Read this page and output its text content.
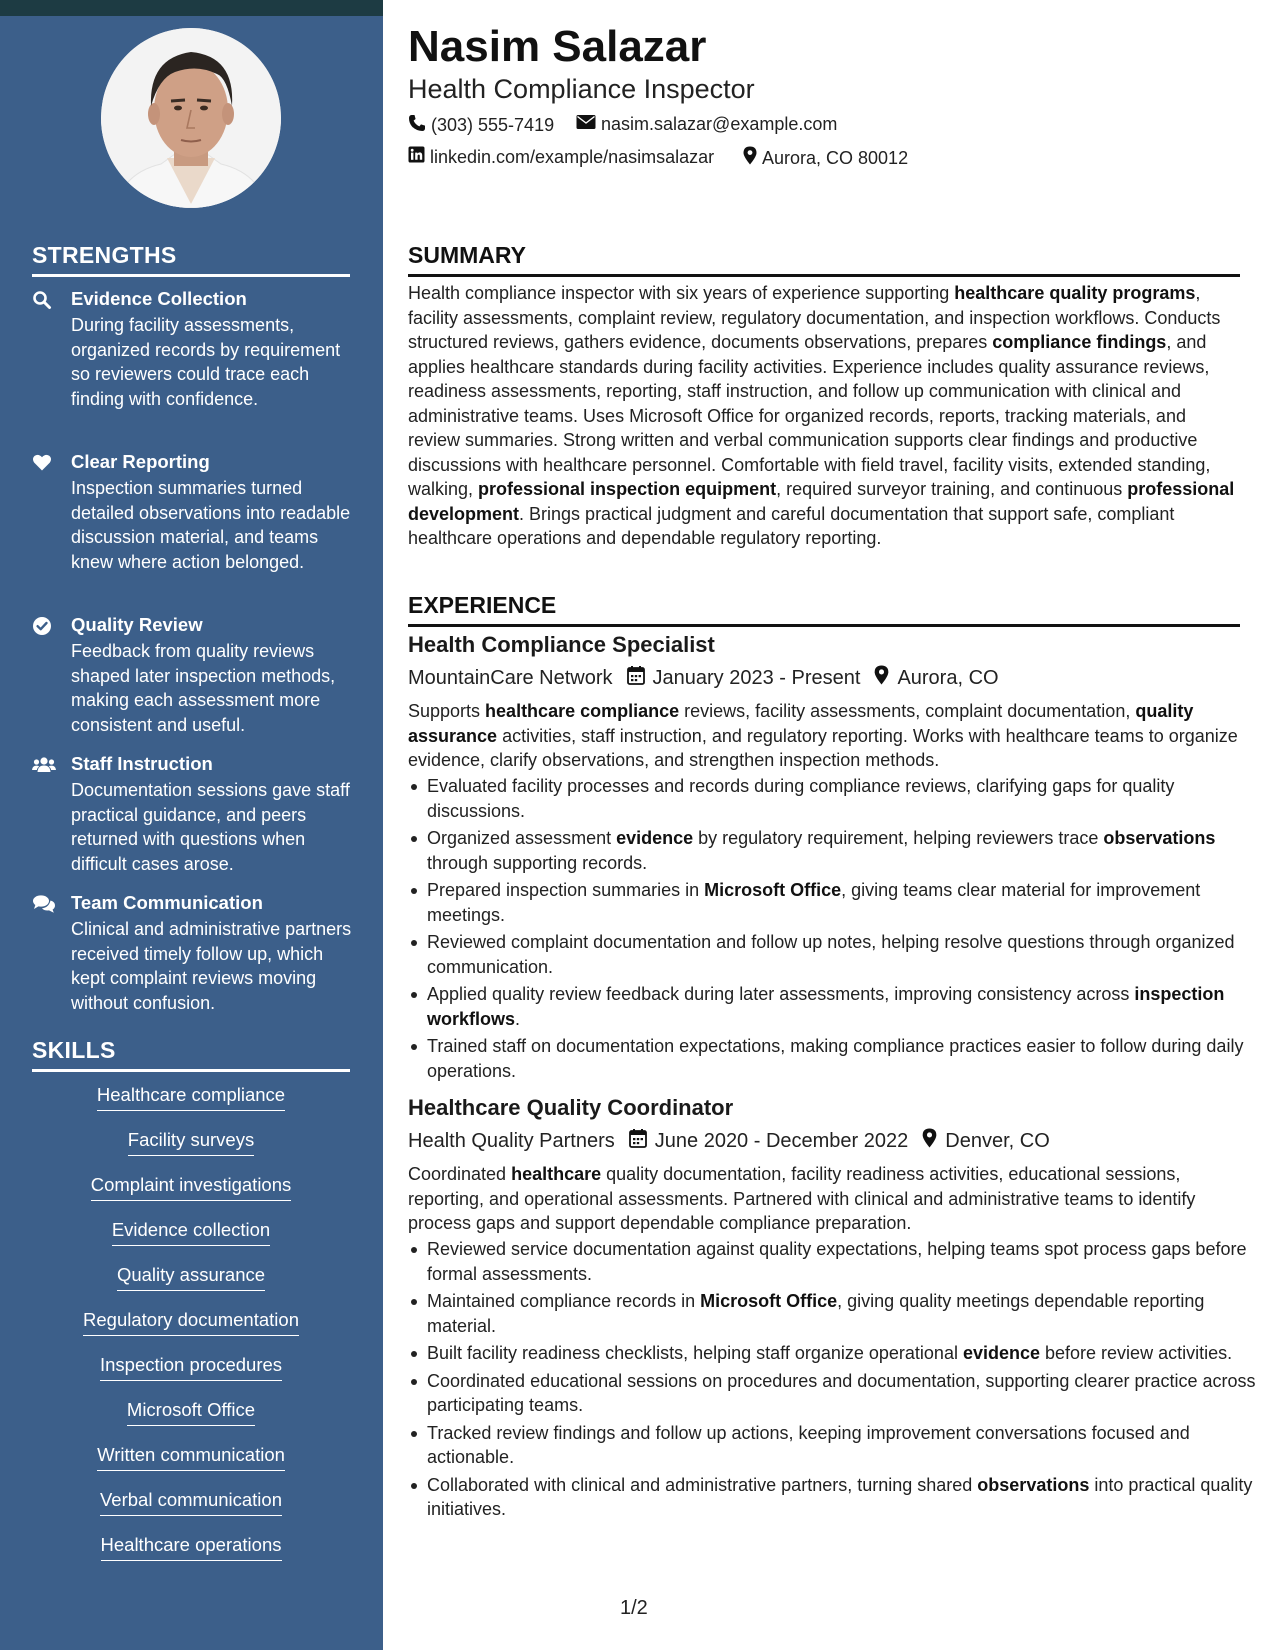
STRENGTHS
Evidence Collection
During facility assessments, organized records by requirement so reviewers could trace each finding with confidence.
Clear Reporting
Inspection summaries turned detailed observations into readable discussion material, and teams knew where action belonged.
Quality Review
Feedback from quality reviews shaped later inspection methods, making each assessment more consistent and useful.
Staff Instruction
Documentation sessions gave staff practical guidance, and peers returned with questions when difficult cases arose.
Team Communication
Clinical and administrative partners received timely follow up, which kept complaint reviews moving without confusion.
SKILLS
Healthcare compliance
Facility surveys
Complaint investigations
Evidence collection
Quality assurance
Regulatory documentation
Inspection procedures
Microsoft Office
Written communication
Verbal communication
Healthcare operations
Nasim Salazar
Health Compliance Inspector
(303) 555-7419	nasim.salazar@example.com
linkedin.com/example/nasimsalazar	Aurora, CO 80012
SUMMARY
Health compliance inspector with six years of experience supporting healthcare quality programs, facility assessments, complaint review, regulatory documentation, and inspection workflows. Conducts structured reviews, gathers evidence, documents observations, prepares compliance findings, and applies healthcare standards during facility activities. Experience includes quality assurance reviews, readiness assessments, reporting, staff instruction, and follow up communication with clinical and administrative teams. Uses Microsoft Office for organized records, reports, tracking materials, and review summaries. Strong written and verbal communication supports clear findings and productive discussions with healthcare personnel. Comfortable with field travel, facility visits, extended standing, walking, professional inspection equipment, required surveyor training, and continuous professional development. Brings practical judgment and careful documentation that support safe, compliant healthcare operations and dependable regulatory reporting.
EXPERIENCE
Health Compliance Specialist
MountainCare Network January 2023 - Present Aurora, CO
Supports healthcare compliance reviews, facility assessments, complaint documentation, quality assurance activities, staff instruction, and regulatory reporting. Works with healthcare teams to organize evidence, clarify observations, and strengthen inspection methods.
Evaluated facility processes and records during compliance reviews, clarifying gaps for quality discussions.
Organized assessment evidence by regulatory requirement, helping reviewers trace observations through supporting records.
Prepared inspection summaries in Microsoft Office, giving teams clear material for improvement meetings.
Reviewed complaint documentation and follow up notes, helping resolve questions through organized communication.
Applied quality review feedback during later assessments, improving consistency across inspection workflows.
Trained staff on documentation expectations, making compliance practices easier to follow during daily operations.
Healthcare Quality Coordinator
Health Quality Partners June 2020 - December 2022 Denver, CO
Coordinated healthcare quality documentation, facility readiness activities, educational sessions, reporting, and operational assessments. Partnered with clinical and administrative teams to identify process gaps and support dependable compliance preparation.
Reviewed service documentation against quality expectations, helping teams spot process gaps before formal assessments.
Maintained compliance records in Microsoft Office, giving quality meetings dependable reporting material.
Built facility readiness checklists, helping staff organize operational evidence before review activities.
Coordinated educational sessions on procedures and documentation, supporting clearer practice across participating teams.
Tracked review findings and follow up actions, keeping improvement conversations focused and actionable.
Collaborated with clinical and administrative partners, turning shared observations into practical quality initiatives.
1/2
